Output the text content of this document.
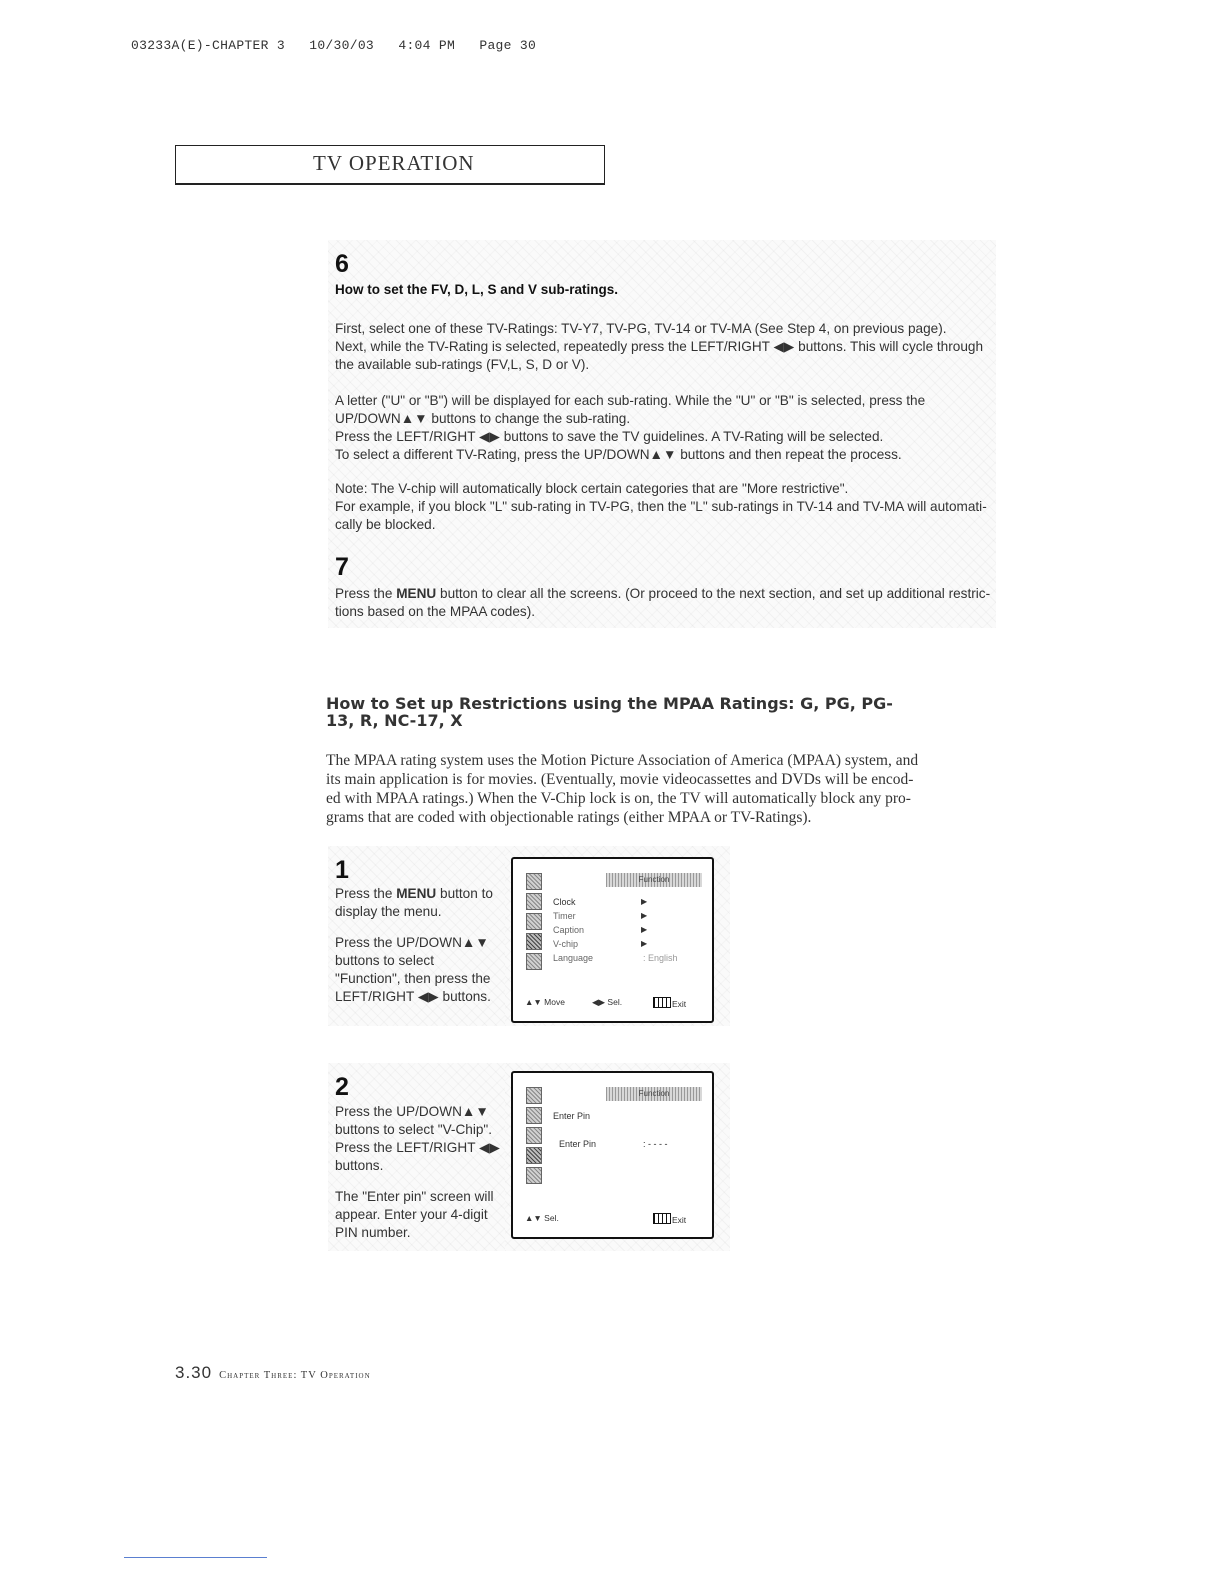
03233A(E)-CHAPTER 3   10/30/03   4:04 PM   Page 30
TV OPERATION
6
How to set the FV, D, L, S and V sub-ratings.
First, select one of these TV-Ratings: TV-Y7, TV-PG, TV-14 or TV-MA (See Step 4, on previous page).
Next, while the TV-Rating is selected, repeatedly press the LEFT/RIGHT ◀▶ buttons. This will cycle through
the available sub-ratings (FV,L, S, D or V).
A letter ("U" or "B") will be displayed for each sub-rating. While the "U" or "B" is selected, press the
UP/DOWN▲▼ buttons to change the sub-rating.
Press the LEFT/RIGHT ◀▶ buttons to save the TV guidelines. A TV-Rating will be selected.
To select a different TV-Rating, press the UP/DOWN▲▼ buttons and then repeat the process.
Note: The V-chip will automatically block certain categories that are "More restrictive".
For example, if you block "L" sub-rating in TV-PG, then the "L" sub-ratings in TV-14 and TV-MA will automati-
cally be blocked.
7
Press the MENU button to clear all the screens. (Or proceed to the next section, and set up additional restric-
tions based on the MPAA codes).
How to Set up Restrictions using the MPAA Ratings: G, PG, PG-
13, R, NC-17, X
The MPAA rating system uses the Motion Picture Association of America (MPAA) system, and
its main application is for movies. (Eventually, movie videocassettes and DVDs will be encod-
ed with MPAA ratings.) When the V-Chip lock is on, the TV will automatically block any pro-
grams that are coded with objectionable ratings (either MPAA or TV-Ratings).
1
Press the MENU button to
display the menu.
Press the UP/DOWN▲▼
buttons to select
"Function", then press the
LEFT/RIGHT ◀▶ buttons.
Function
Clock	▶
Timer	▶
Caption	▶
V-chip	▶
Language	: English
▲▼ Move	◀▶ Sel.	Exit
2
Press the UP/DOWN▲▼
buttons to select "V-Chip".
Press the LEFT/RIGHT ◀▶
buttons.
The "Enter pin" screen will
appear. Enter your 4-digit
PIN number.
Function
Enter Pin
Enter Pin	: - - - -
▲▼ Sel.	Exit
3.30 Chapter Three: TV Operation
